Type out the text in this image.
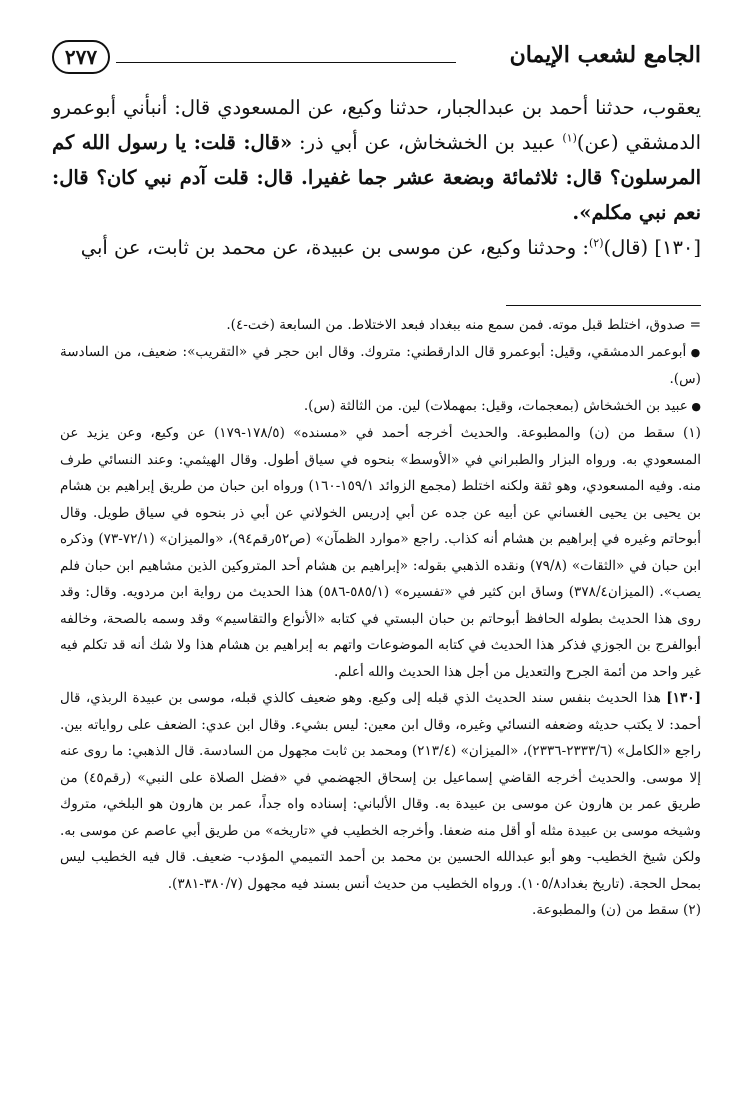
الجامع لشعب الإيمان
٢٧٧

يعقوب، حدثنا أحمد بن عبدالجبار، حدثنا وكيع، عن المسعودي قال: أنبأني أبوعمرو الدمشقي (عن)$^{(١)}$ عبيد بن الخشخاش، عن أبي ذر: «قال: قلت: يا رسول الله كم المرسلون؟ قال: ثلاثمائة وبضعة عشر جما غفيرا. قال: قلت آدم نبي كان؟ قال: نعم نبي مكلم».

[١٣٠] (قال)$^{(٢)}$: وحدثنا وكيع، عن موسى بن عبيدة، عن محمد بن ثابت، عن أبي

= صدوق، اختلط قبل موته. فمن سمع منه ببغداد فبعد الاختلاط. من السابعة (خت-٤).

● أبوعمر الدمشقي، وقيل: أبوعمرو قال الدارقطني: متروك. وقال ابن حجر في «التقريب»: ضعيف، من السادسة (س).

● عبيد بن الخشخاش (بمعجمات، وقيل: بمهملات) لين. من الثالثة (س).

(١) سقط من (ن) والمطبوعة. والحديث أخرجه أحمد في «مسنده» (١٧٨/٥-١٧٩) عن وكيع، وعن يزيد عن المسعودي به. ورواه البزار والطبراني في «الأوسط» بنحوه في سياق أطول. وقال الهيثمي: وعند النسائي طرف منه. وفيه المسعودي، وهو ثقة ولكنه اختلط (مجمع الزوائد ١٥٩/١-١٦٠) ورواه ابن حبان من طريق إبراهيم بن هشام بن يحيى بن يحيى الغساني عن أبيه عن جده عن أبي إدريس الخولاني عن أبي ذر بنحوه في سياق طويل. وقال أبوحاتم وغيره في إبراهيم بن هشام أنه كذاب. راجع «موارد الظمآن» (ص٥٢رقم٩٤)، «والميزان» (٧٢/١-٧٣) وذكره ابن حبان في «الثقات» (٧٩/٨) ونقده الذهبي بقوله: «إبراهيم بن هشام أحد المتروكين الذين مشاهيم ابن حبان فلم يصب». (الميزان٣٧٨/٤) وساق ابن كثير في «تفسيره» (٥٨٥/١-٥٨٦) هذا الحديث من رواية ابن مردويه. وقال: وقد روى هذا الحديث بطوله الحافظ أبوحاتم بن حبان البستي في كتابه «الأنواع والتقاسيم» وقد وسمه بالصحة، وخالفه أبوالفرج بن الجوزي فذكر هذا الحديث في كتابه الموضوعات واتهم به إبراهيم بن هشام هذا ولا شك أنه قد تكلم فيه غير واحد من أئمة الجرح والتعديل من أجل هذا الحديث والله أعلم.

[١٣٠] هذا الحديث بنفس سند الحديث الذي قبله إلى وكيع. وهو ضعيف كالذي قبله، موسى بن عبيدة الربذي، قال أحمد: لا يكتب حديثه وضعفه النسائي وغيره، وقال ابن معين: ليس بشيء. وقال ابن عدي: الضعف على رواياته بين. راجع «الكامل» (٢٣٣٣/٦-٢٣٣٦)، «الميزان» (٢١٣/٤) ومحمد بن ثابت مجهول من السادسة. قال الذهبي: ما روى عنه إلا موسى. والحديث أخرجه القاضي إسماعيل بن إسحاق الجهضمي في «فضل الصلاة على النبي» (رقم٤٥) من طريق عمر بن هارون عن موسى بن عبيدة به. وقال الألباني: إسناده واه جداً، عمر بن هارون هو البلخي، متروك وشيخه موسى بن عبيدة مثله أو أقل منه ضعفا. وأخرجه الخطيب في «تاريخه» من طريق أبي عاصم عن موسى به. ولكن شيخ الخطيب- وهو أبو عبدالله الحسين بن محمد بن أحمد التميمي المؤدب- ضعيف. قال فيه الخطيب ليس بمحل الحجة. (تاريخ بغداد١٠٥/٨). ورواه الخطيب من حديث أنس بسند فيه مجهول (٣٨٠/٧-٣٨١).

(٢) سقط من (ن) والمطبوعة.
